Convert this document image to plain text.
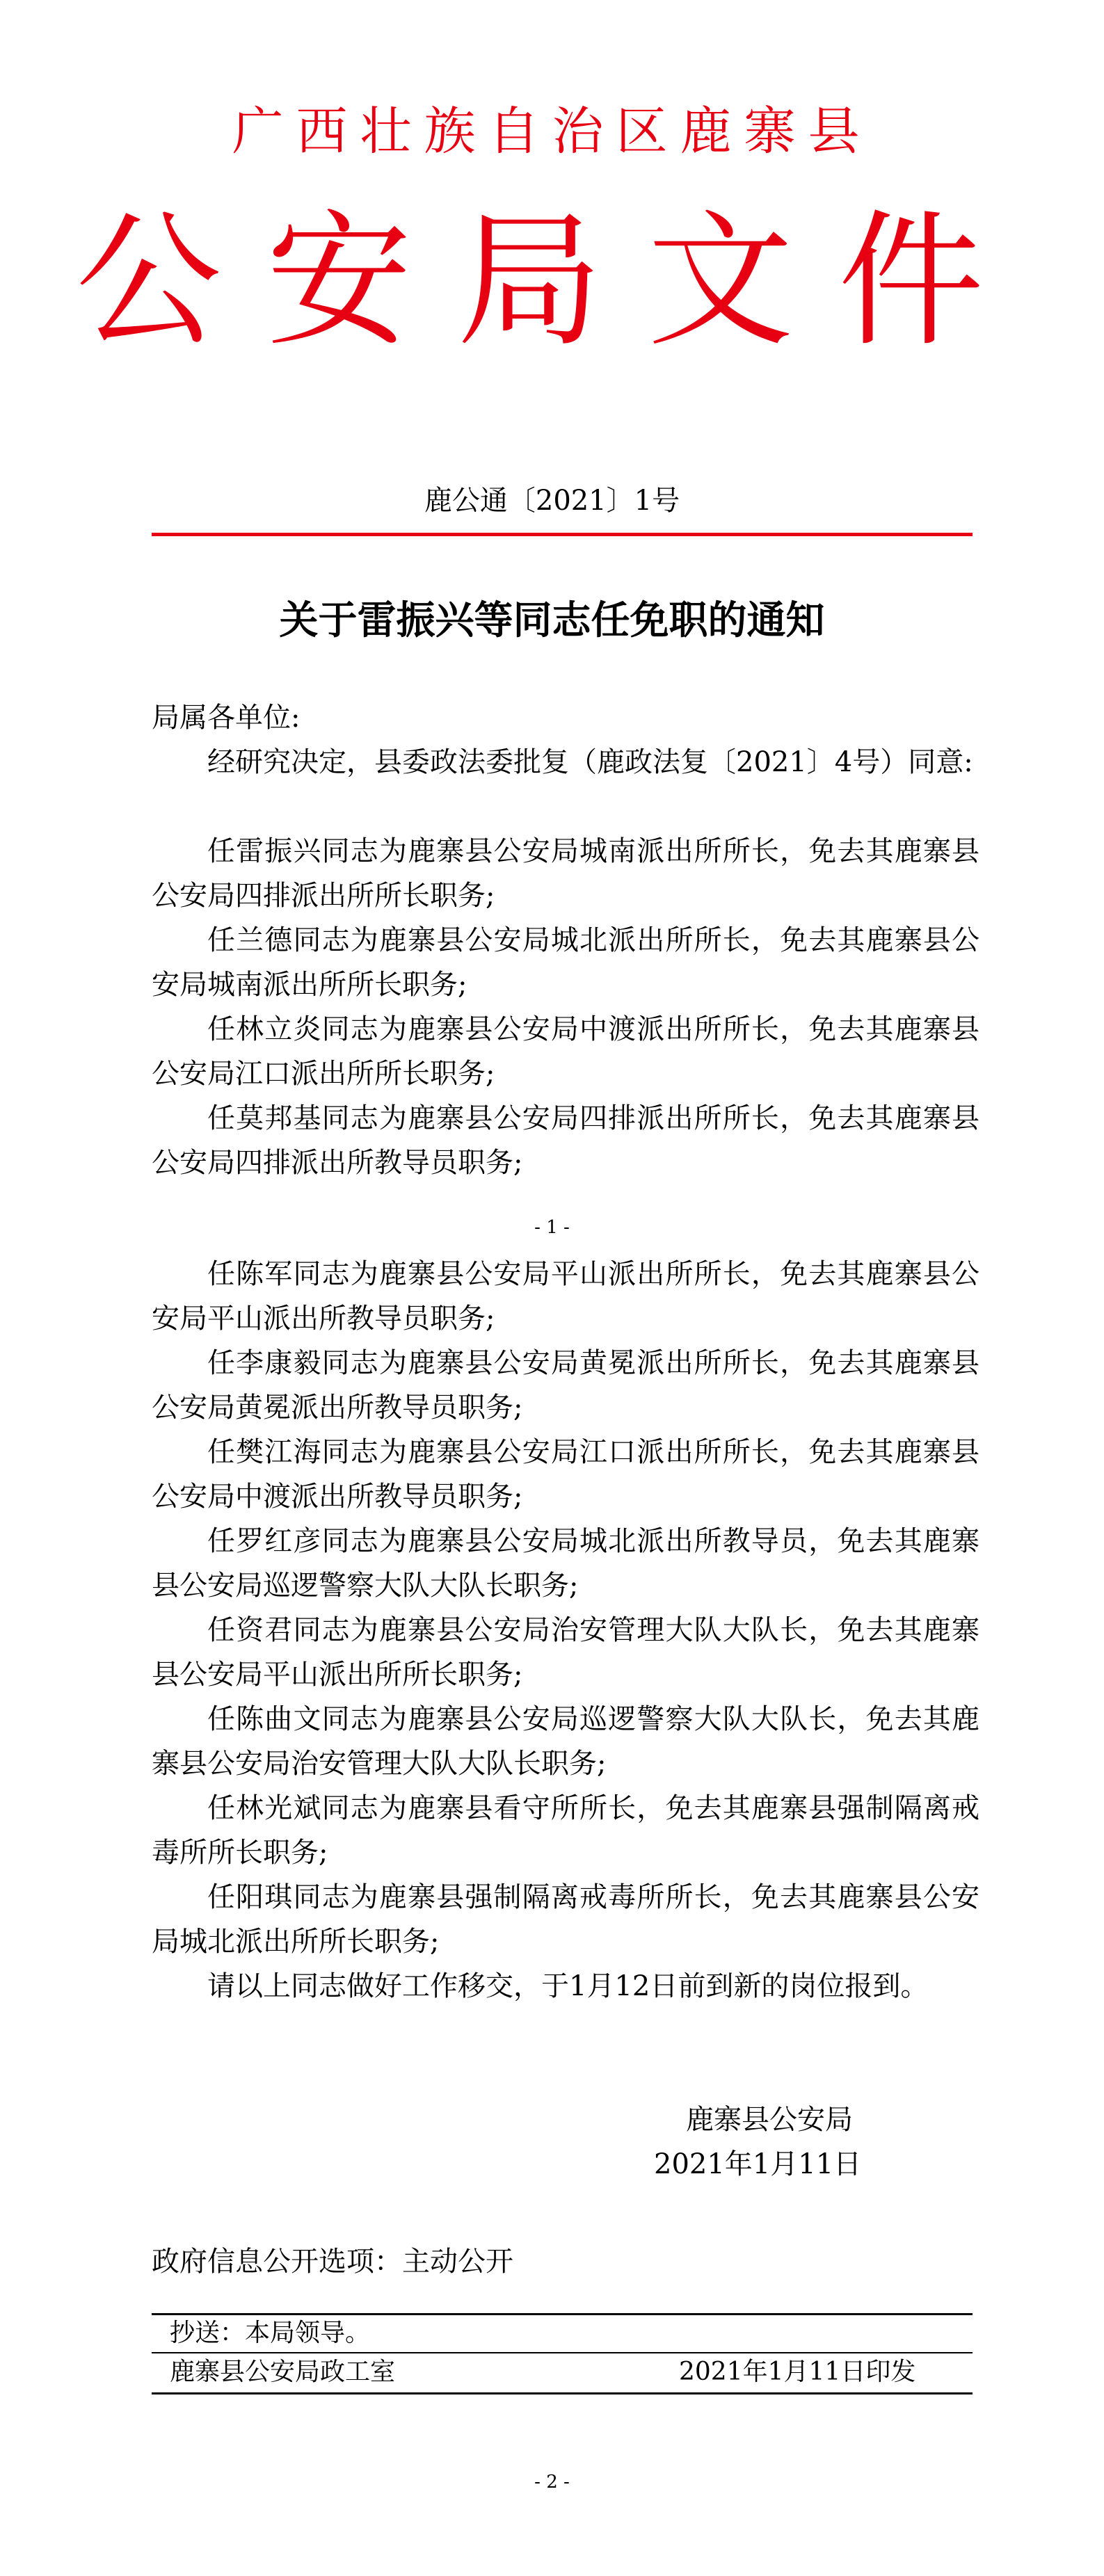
广西壮族自治区鹿寨县
公安局文件
鹿公通〔2021〕1号
关于雷振兴等同志任免职的通知

局属各单位:

经研究决定，县委政法委批复（鹿政法复〔2021〕4号）同意:

任雷振兴同志为鹿寨县公安局城南派出所所长，免去其鹿寨县公安局四排派出所所长职务;

任兰德同志为鹿寨县公安局城北派出所所长，免去其鹿寨县公安局城南派出所所长职务;

任林立炎同志为鹿寨县公安局中渡派出所所长，免去其鹿寨县公安局江口派出所所长职务;

任莫邦基同志为鹿寨县公安局四排派出所所长，免去其鹿寨县公安局四排派出所教导员职务;

- 1 -

任陈军同志为鹿寨县公安局平山派出所所长，免去其鹿寨县公安局平山派出所教导员职务;

任李康毅同志为鹿寨县公安局黄冕派出所所长，免去其鹿寨县公安局黄冕派出所教导员职务;

任樊江海同志为鹿寨县公安局江口派出所所长，免去其鹿寨县公安局中渡派出所教导员职务;

任罗红彦同志为鹿寨县公安局城北派出所教导员，免去其鹿寨县公安局巡逻警察大队大队长职务;

任资君同志为鹿寨县公安局治安管理大队大队长，免去其鹿寨县公安局平山派出所所长职务;

任陈曲文同志为鹿寨县公安局巡逻警察大队大队长，免去其鹿寨县公安局治安管理大队大队长职务;

任林光斌同志为鹿寨县看守所所长，免去其鹿寨县强制隔离戒毒所所长职务;

任阳琪同志为鹿寨县强制隔离戒毒所所长，免去其鹿寨县公安局城北派出所所长职务;

请以上同志做好工作移交，于1月12日前到新的岗位报到。

鹿寨县公安局
2021年1月11日
政府信息公开选项：主动公开
抄送：本局领导。
鹿寨县公安局政工室	2021年1月11日印发
- 2 -
